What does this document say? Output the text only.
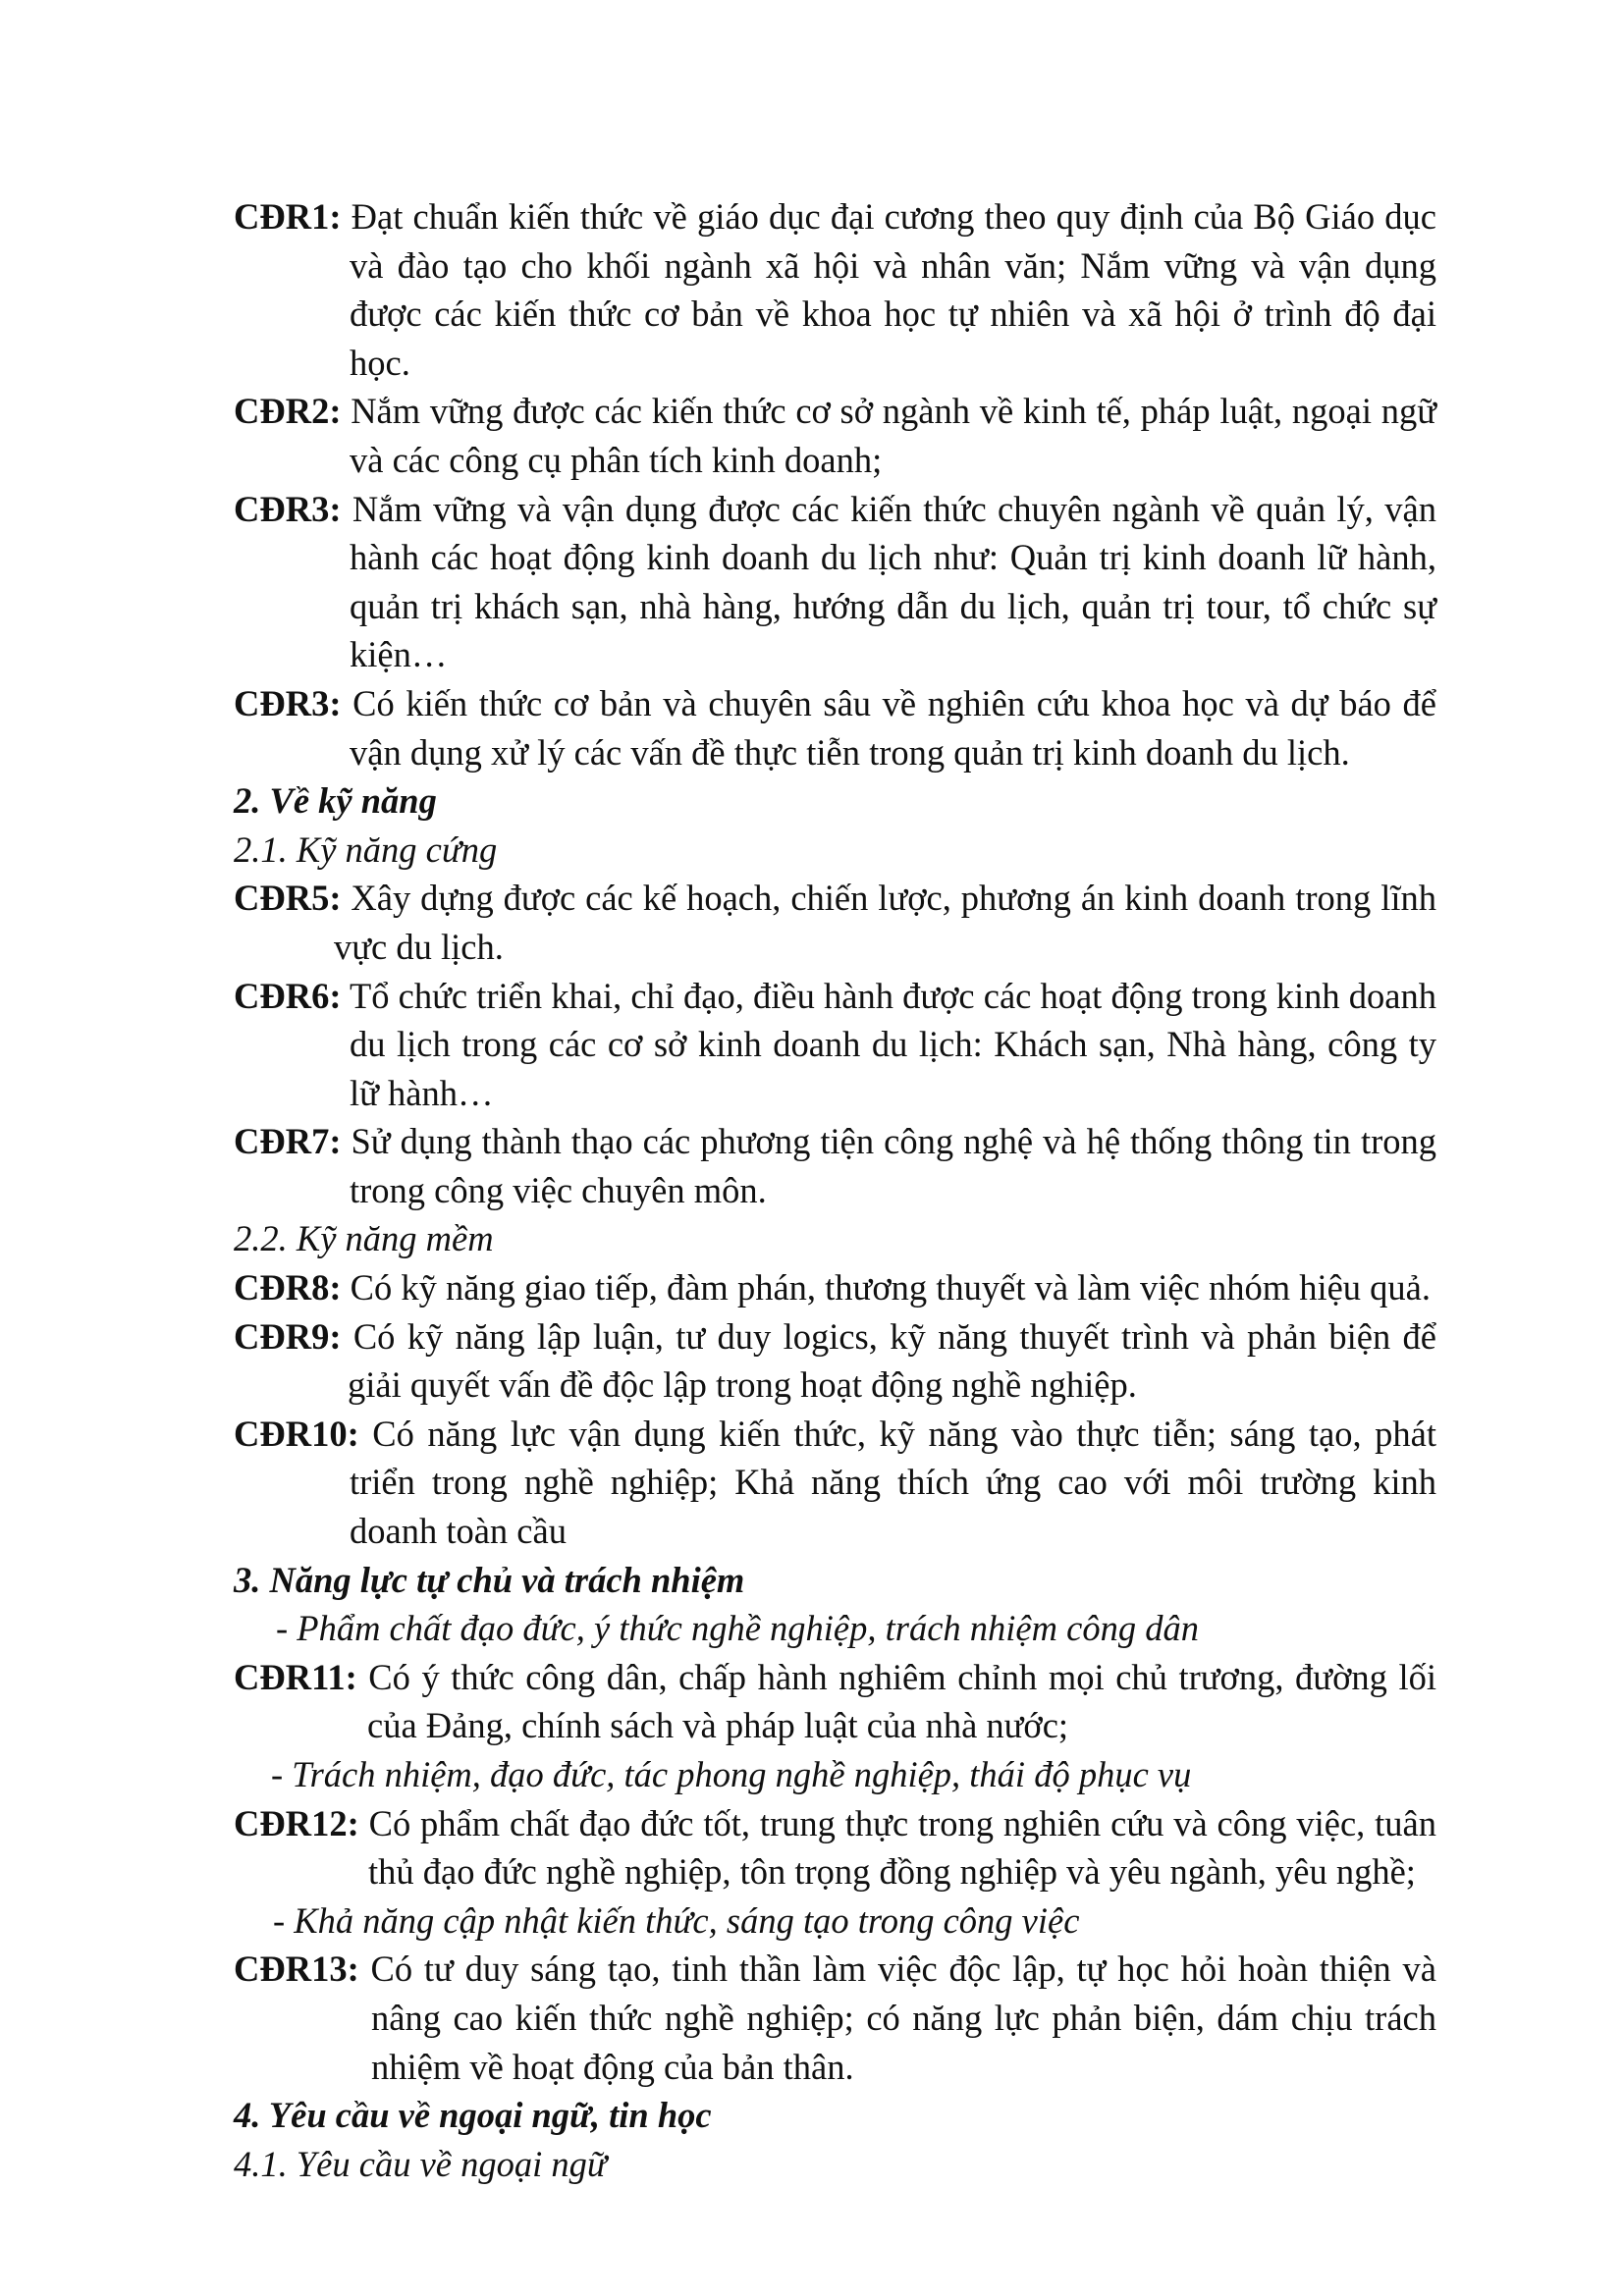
CĐR1: Đạt chuẩn kiến thức về giáo dục đại cương theo quy định của Bộ Giáo dục và đào tạo cho khối ngành xã hội và nhân văn; Nắm vững và vận dụng được các kiến thức cơ bản về khoa học tự nhiên và xã hội ở trình độ đại học.
CĐR2: Nắm vững được các kiến thức cơ sở ngành về kinh tế, pháp luật, ngoại ngữ và các công cụ phân tích kinh doanh;
CĐR3: Nắm vững và vận dụng được các kiến thức chuyên ngành về quản lý, vận hành các hoạt động kinh doanh du lịch như: Quản trị kinh doanh lữ hành, quản trị khách sạn, nhà hàng, hướng dẫn du lịch, quản trị tour, tổ chức sự kiện…
CĐR3: Có kiến thức cơ bản và chuyên sâu về nghiên cứu khoa học và dự báo để vận dụng xử lý các vấn đề thực tiễn trong quản trị kinh doanh du lịch.
2. Về kỹ năng
2.1. Kỹ năng cứng
CĐR5: Xây dựng được các kế hoạch, chiến lược, phương án kinh doanh trong lĩnh vực du lịch.
CĐR6: Tổ chức triển khai, chỉ đạo, điều hành được các hoạt động trong kinh doanh du lịch trong các cơ sở kinh doanh du lịch: Khách sạn, Nhà hàng, công ty lữ hành…
CĐR7: Sử dụng thành thạo các phương tiện công nghệ và hệ thống thông tin trong trong công việc chuyên môn.
2.2. Kỹ năng mềm
CĐR8: Có kỹ năng giao tiếp, đàm phán, thương thuyết và làm việc nhóm hiệu quả.
CĐR9: Có kỹ năng lập luận, tư duy logics, kỹ năng thuyết trình và phản biện để giải quyết vấn đề độc lập trong hoạt động nghề nghiệp.
CĐR10: Có năng lực vận dụng kiến thức, kỹ năng vào thực tiễn; sáng tạo, phát triển trong nghề nghiệp; Khả năng thích ứng cao với môi trường kinh doanh toàn cầu
3. Năng lực tự chủ và trách nhiệm
- Phẩm chất đạo đức, ý thức nghề nghiệp, trách nhiệm công dân
CĐR11: Có ý thức công dân, chấp hành nghiêm chỉnh mọi chủ trương, đường lối của Đảng, chính sách và pháp luật của nhà nước;
- Trách nhiệm, đạo đức, tác phong nghề nghiệp, thái độ phục vụ
CĐR12: Có phẩm chất đạo đức tốt, trung thực trong nghiên cứu và công việc, tuân thủ đạo đức nghề nghiệp, tôn trọng đồng nghiệp và yêu ngành, yêu nghề;
- Khả năng cập nhật kiến thức, sáng tạo trong công việc
CĐR13: Có tư duy sáng tạo, tinh thần làm việc độc lập, tự học hỏi hoàn thiện và nâng cao kiến thức nghề nghiệp; có năng lực phản biện, dám chịu trách nhiệm về hoạt động của bản thân.
4. Yêu cầu về ngoại ngữ, tin học
4.1. Yêu cầu về ngoại ngữ
